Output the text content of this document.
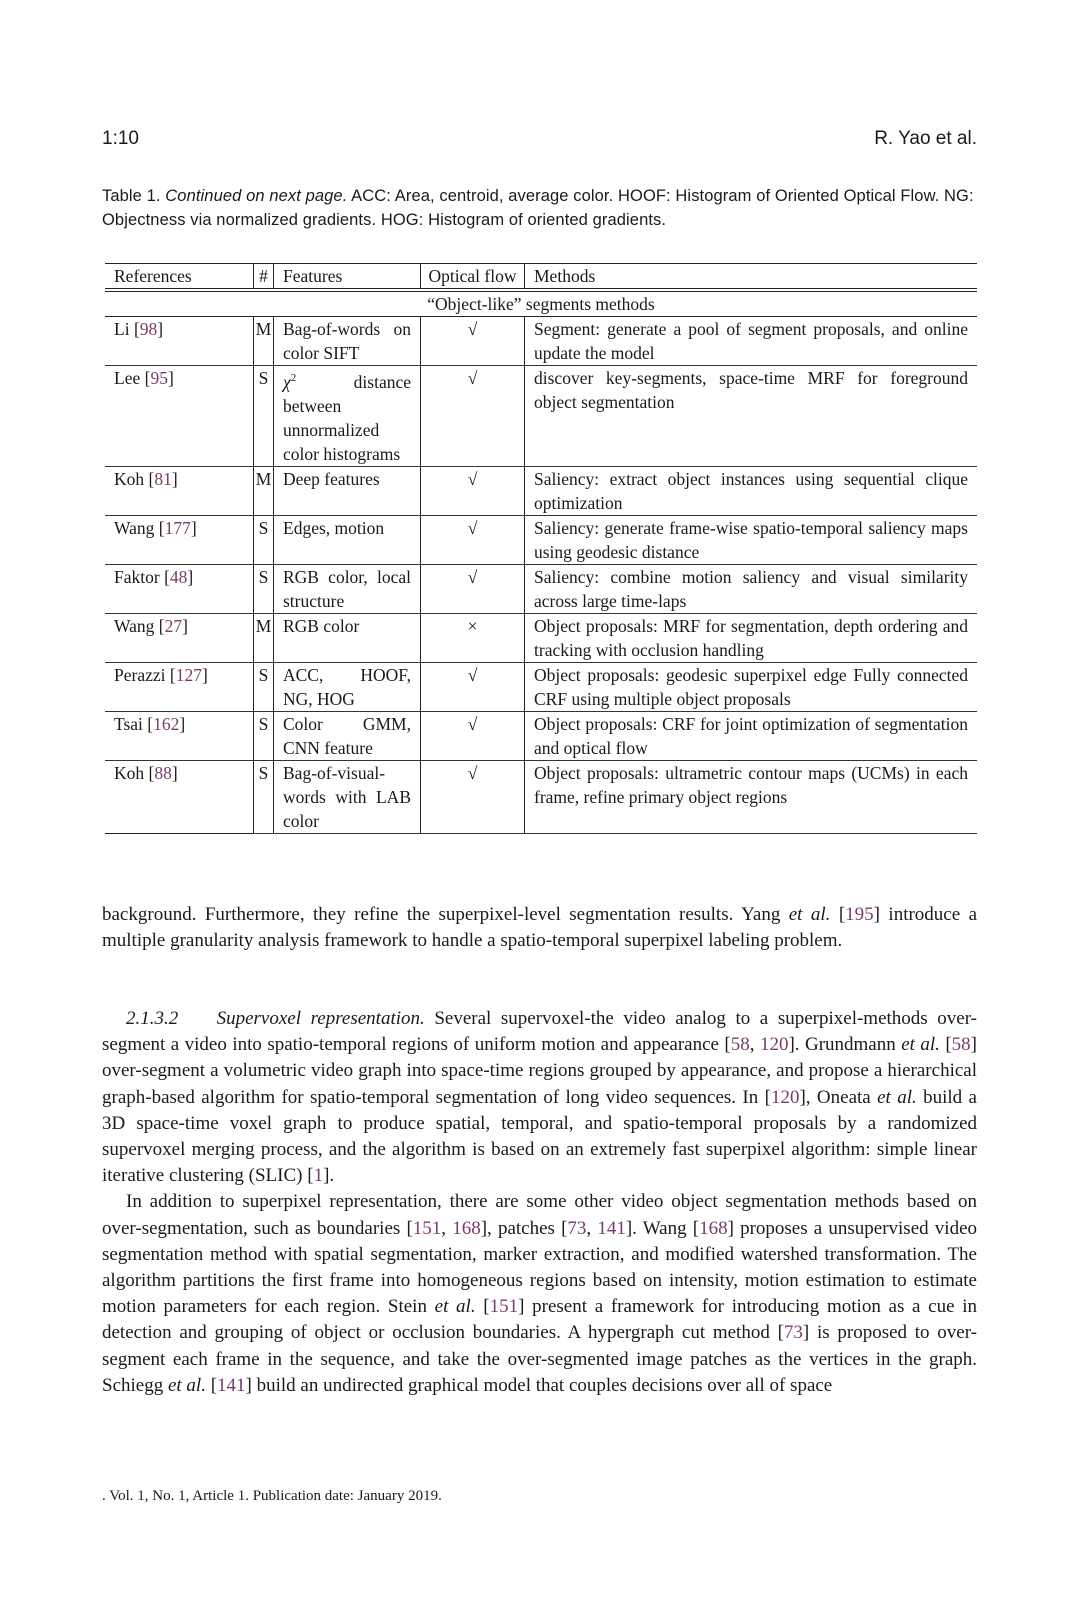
1:10	R. Yao et al.
Table 1. Continued on next page. ACC: Area, centroid, average color. HOOF: Histogram of Oriented Optical Flow. NG: Objectness via normalized gradients. HOG: Histogram of oriented gradients.
References	#	Features	Optical flow	Methods
“Object-like” segments methods				
Li [98]	M	Bag-of-words on color SIFT	√	Segment: generate a pool of segment proposals, and online update the model
Lee [95]	S	$\chi^2$ distance between unnormalized color histograms	√	discover key-segments, space-time MRF for foreground object segmentation
Koh [81]	M	Deep features	√	Saliency: extract object instances using sequential clique optimization
Wang [177]	S	Edges, motion	√	Saliency: generate frame-wise spatio-temporal saliency maps using geodesic distance
Faktor [48]	S	RGB color, local structure	√	Saliency: combine motion saliency and visual similarity across large time-laps
Wang [27]	M	RGB color	×	Object proposals: MRF for segmentation, depth ordering and tracking with occlusion handling
Perazzi [127]	S	ACC, HOOF, NG, HOG	√	Object proposals: geodesic superpixel edge Fully connected CRF using multiple object proposals
Tsai [162]	S	Color GMM, CNN feature	√	Object proposals: CRF for joint optimization of segmentation and optical flow
Koh [88]	S	Bag-of-visual-words with LAB color	√	Object proposals: ultrametric contour maps (UCMs) in each frame, refine primary object regions

background. Furthermore, they refine the superpixel-level segmentation results. Yang et al. [195] introduce a multiple granularity analysis framework to handle a spatio-temporal superpixel labeling problem.

2.1.3.2 Supervoxel representation. Several supervoxel-the video analog to a superpixel-methods over-segment a video into spatio-temporal regions of uniform motion and appearance [58, 120]. Grundmann et al. [58] over-segment a volumetric video graph into space-time regions grouped by appearance, and propose a hierarchical graph-based algorithm for spatio-temporal segmentation of long video sequences. In [120], Oneata et al. build a 3D space-time voxel graph to produce spatial, temporal, and spatio-temporal proposals by a randomized supervoxel merging process, and the algorithm is based on an extremely fast superpixel algorithm: simple linear iterative clustering (SLIC) [1].

In addition to superpixel representation, there are some other video object segmentation methods based on over-segmentation, such as boundaries [151, 168], patches [73, 141]. Wang [168] proposes a unsupervised video segmentation method with spatial segmentation, marker extraction, and modified watershed transformation. The algorithm partitions the first frame into homogeneous regions based on intensity, motion estimation to estimate motion parameters for each region. Stein et al. [151] present a framework for introducing motion as a cue in detection and grouping of object or occlusion boundaries. A hypergraph cut method [73] is proposed to over-segment each frame in the sequence, and take the over-segmented image patches as the vertices in the graph. Schiegg et al. [141] build an undirected graphical model that couples decisions over all of space

. Vol. 1, No. 1, Article 1. Publication date: January 2019.
